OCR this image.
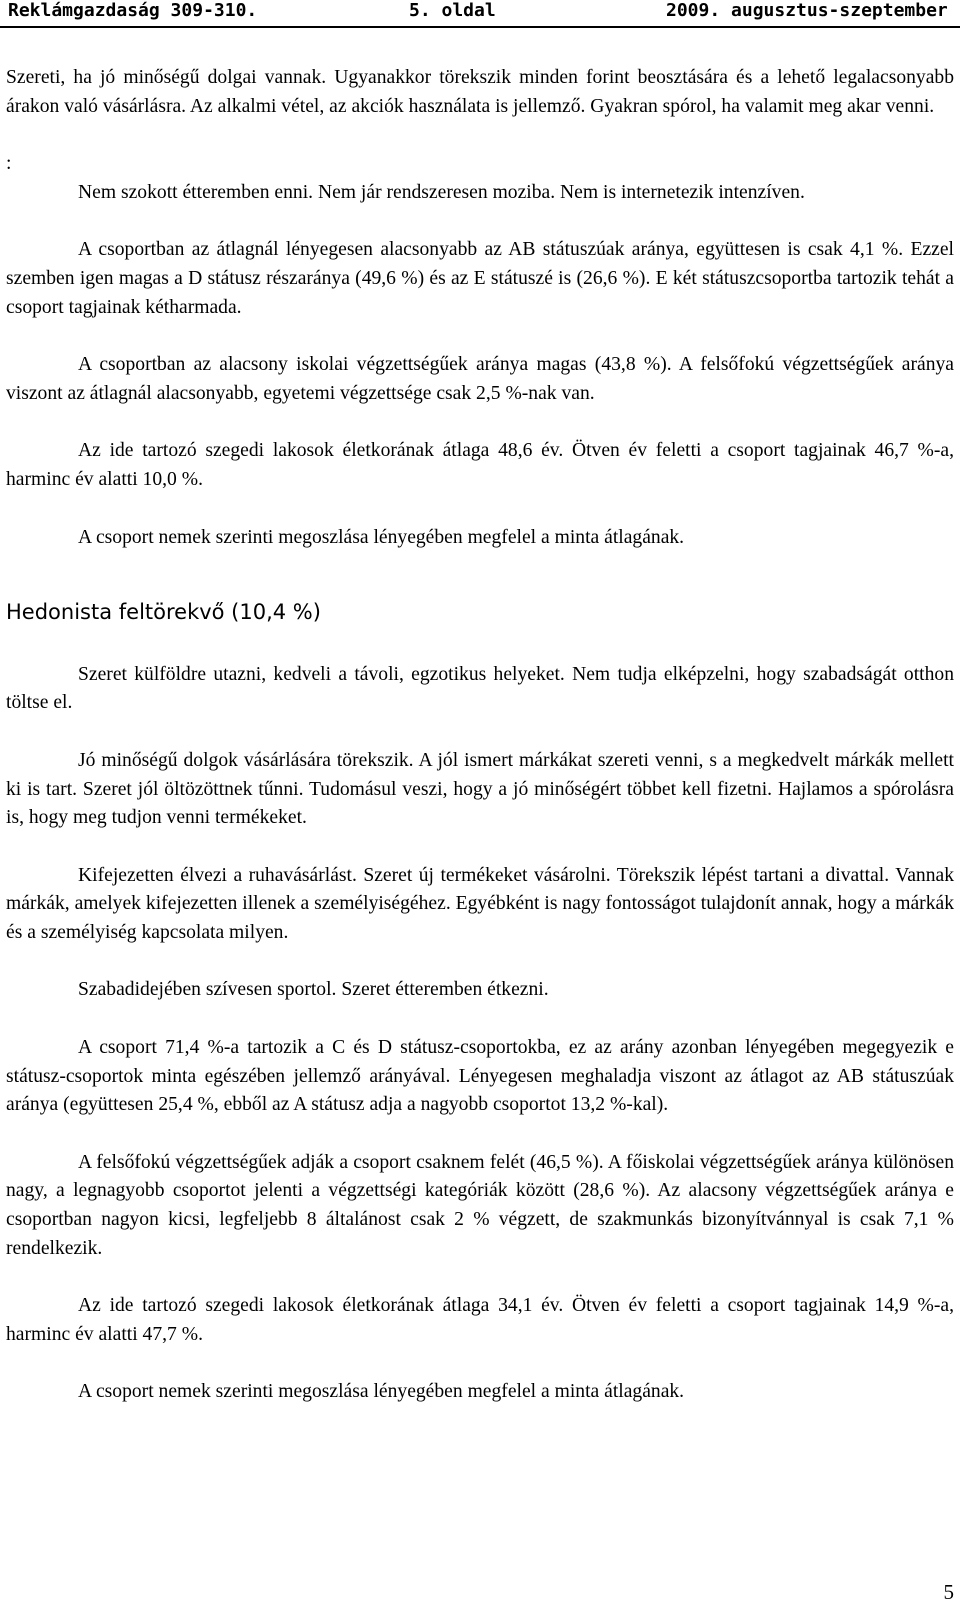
Reklámgazdaság 309-310.	5. oldal	2009. augusztus-szeptember

Szereti, ha jó minőségű dolgai vannak. Ugyanakkor törekszik minden forint beosztására és a lehető legalacsonyabb árakon való vásárlásra. Az alkalmi vétel, az akciók használata is jellemző. Gyakran spórol, ha valamit meg akar venni.

:

Nem szokott étteremben enni. Nem jár rendszeresen moziba. Nem is internetezik intenzíven.

A csoportban az átlagnál lényegesen alacsonyabb az AB státuszúak aránya, együttesen is csak 4,1 %. Ezzel szemben igen magas a D státusz részaránya (49,6 %) és az E státuszé is (26,6 %). E két státuszcsoportba tartozik tehát a csoport tagjainak kétharmada.

A csoportban az alacsony iskolai végzettségűek aránya magas (43,8 %). A felsőfokú végzettségűek aránya viszont az átlagnál alacsonyabb, egyetemi végzettsége csak 2,5 %-nak van.

Az ide tartozó szegedi lakosok életkorának átlaga 48,6 év. Ötven év feletti a csoport tagjainak 46,7 %-a, harminc év alatti 10,0 %.

A csoport nemek szerinti megoszlása lényegében megfelel a minta átlagának.

Hedonista feltörekvő (10,4 %)

Szeret külföldre utazni, kedveli a távoli, egzotikus helyeket. Nem tudja elképzelni, hogy szabadságát otthon töltse el.

Jó minőségű dolgok vásárlására törekszik. A jól ismert márkákat szereti venni, s a megkedvelt márkák mellett ki is tart. Szeret jól öltözöttnek tűnni. Tudomásul veszi, hogy a jó minőségért többet kell fizetni. Hajlamos a spórolásra is, hogy meg tudjon venni termékeket.

Kifejezetten élvezi a ruhavásárlást. Szeret új termékeket vásárolni. Törekszik lépést tartani a divattal. Vannak márkák, amelyek kifejezetten illenek a személyiségéhez. Egyébként is nagy fontosságot tulajdonít annak, hogy a márkák és a személyiség kapcsolata milyen.

Szabadidejében szívesen sportol. Szeret étteremben étkezni.

A csoport 71,4 %-a tartozik a C és D státusz-csoportokba, ez az arány azonban lényegében megegyezik e státusz-csoportok minta egészében jellemző arányával. Lényegesen meghaladja viszont az átlagot az AB státuszúak aránya (együttesen 25,4 %, ebből az A státusz adja a nagyobb csoportot 13,2 %-kal).

A felsőfokú végzettségűek adják a csoport csaknem felét (46,5 %). A főiskolai végzettségűek aránya különösen nagy, a legnagyobb csoportot jelenti a végzettségi kategóriák között (28,6 %). Az alacsony végzettségűek aránya e csoportban nagyon kicsi, legfeljebb 8 általánost csak 2 % végzett, de szakmunkás bizonyítvánnyal is csak 7,1 % rendelkezik.

Az ide tartozó szegedi lakosok életkorának átlaga 34,1 év. Ötven év feletti a csoport tagjainak 14,9 %-a, harminc év alatti 47,7 %.

A csoport nemek szerinti megoszlása lényegében megfelel a minta átlagának.

5
